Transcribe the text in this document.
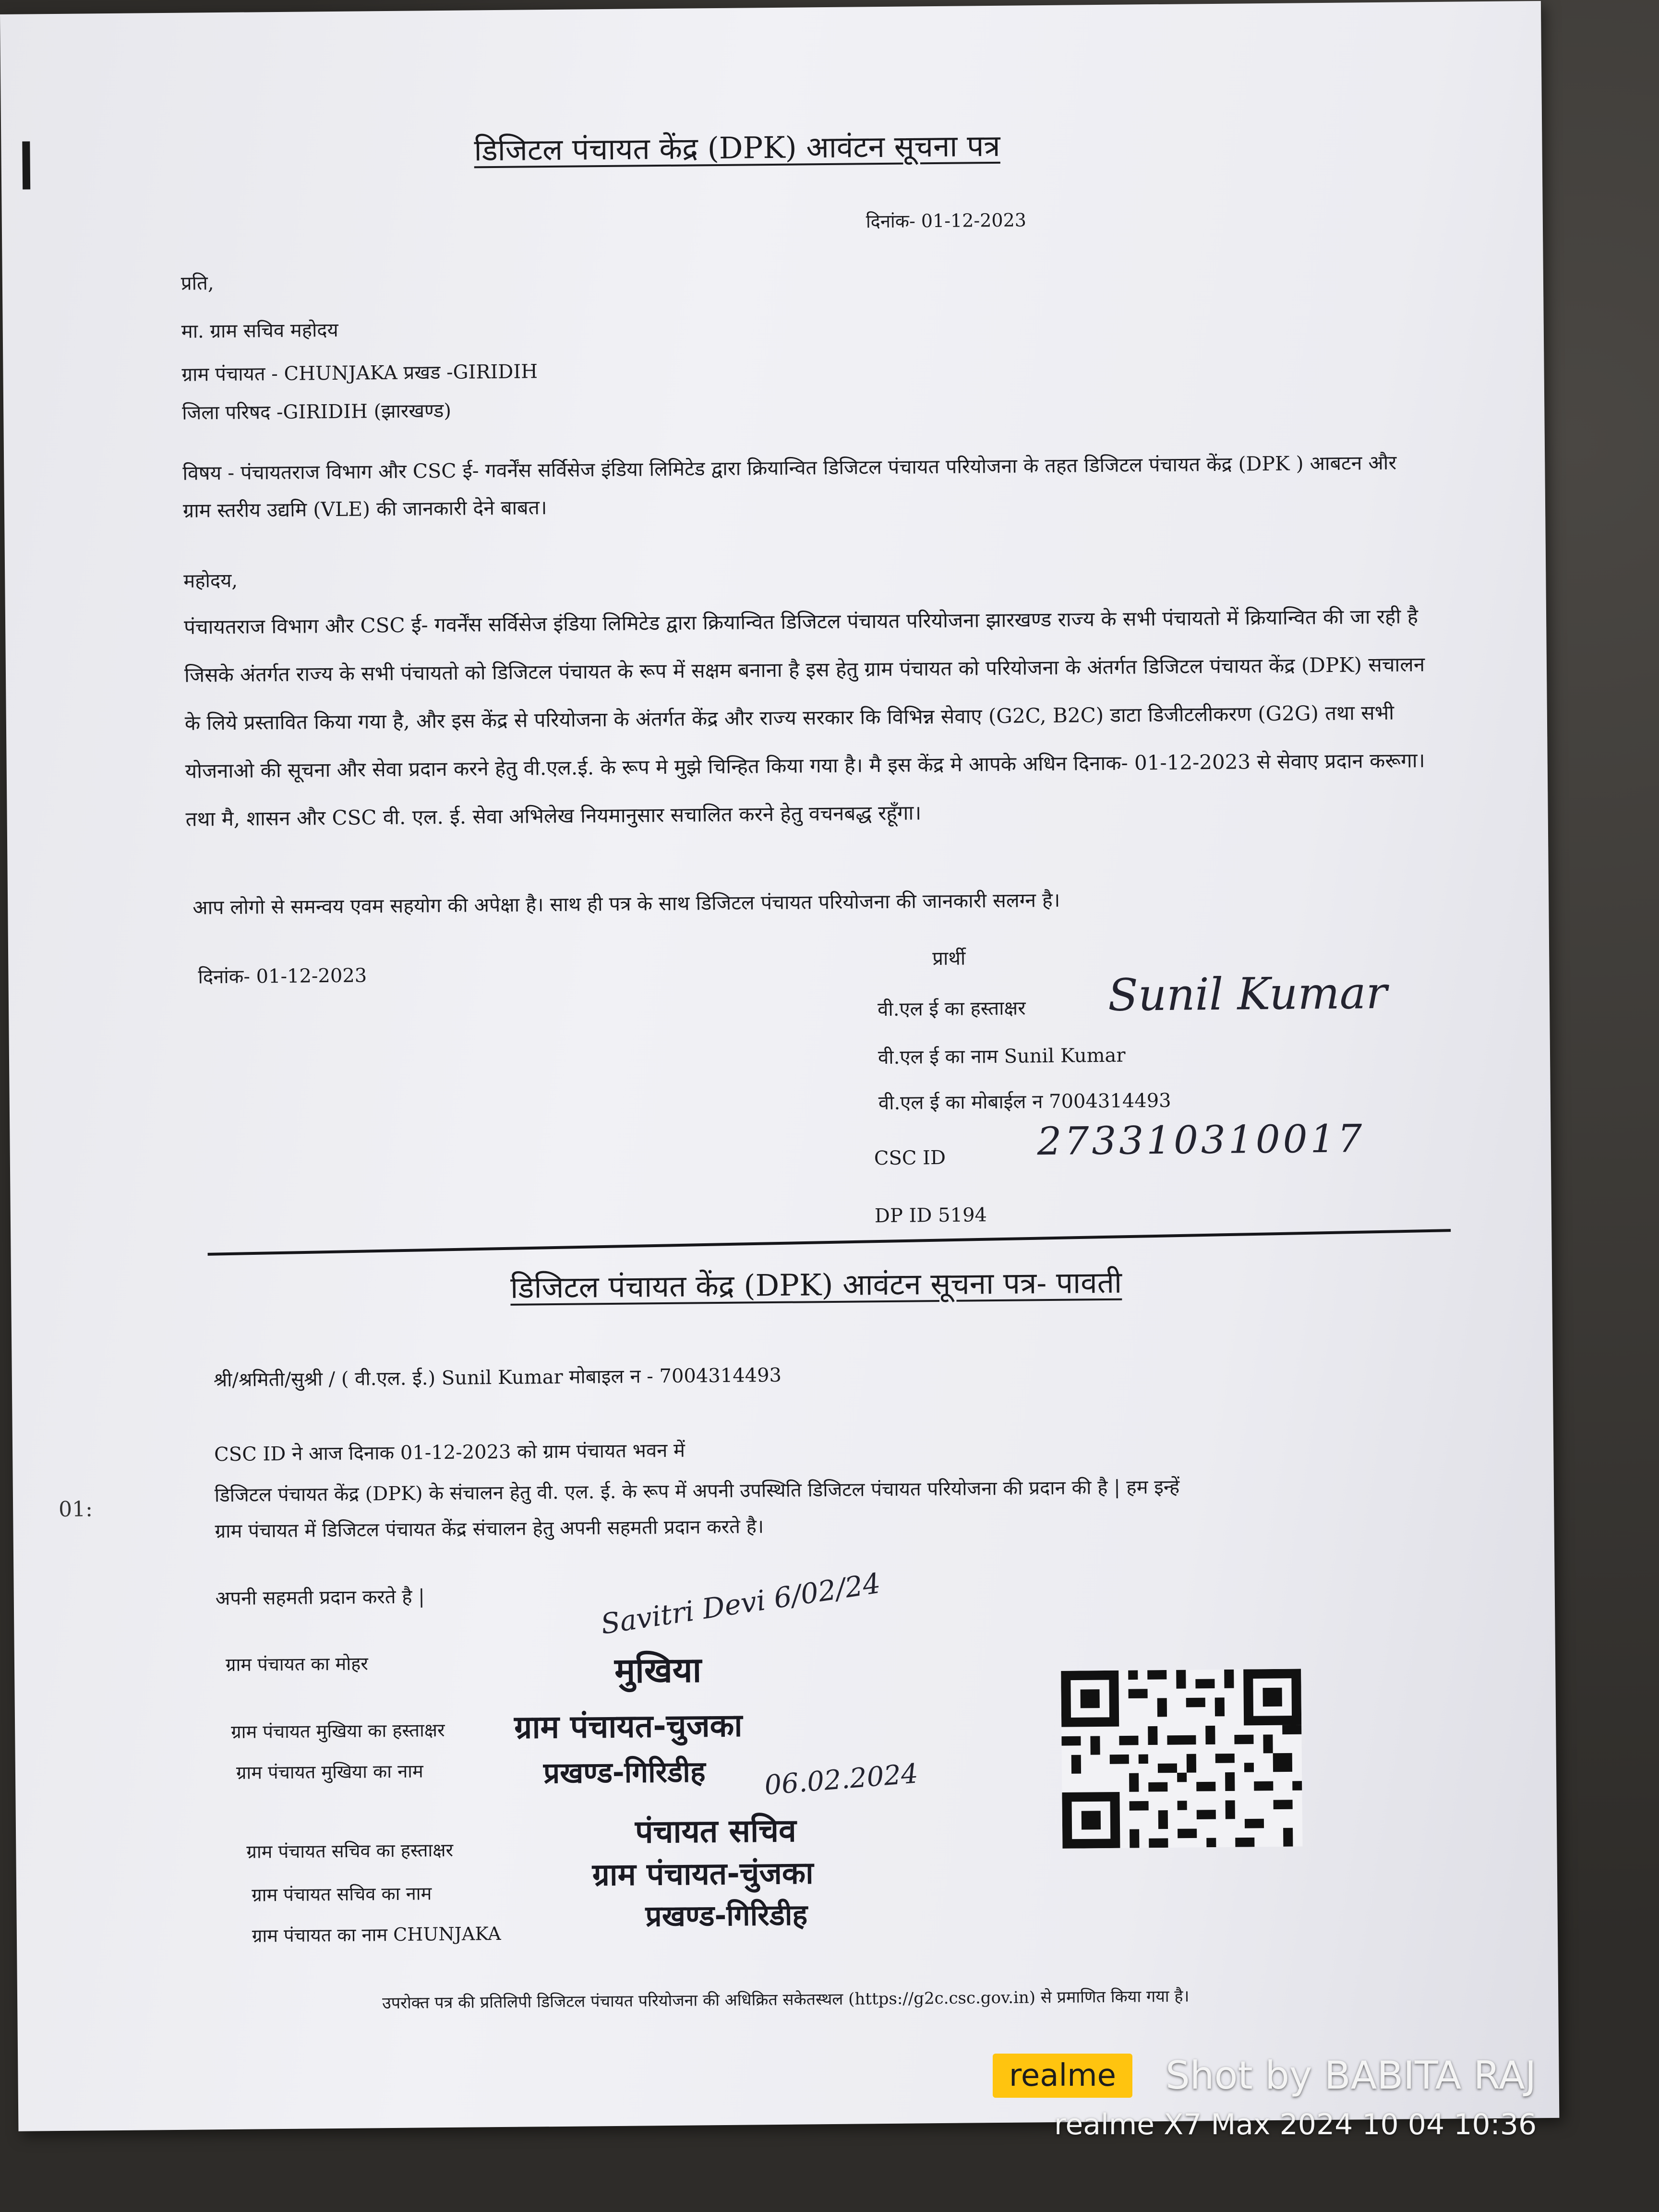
डिजिटल पंचायत केंद्र (DPK) आवंटन सूचना पत्र
दिनांक- 01-12-2023
प्रति,
मा. ग्राम सचिव महोदय
ग्राम पंचायत - CHUNJAKA प्रखड -GIRIDIH
जिला परिषद -GIRIDIH (झारखण्ड)
विषय - पंचायतराज विभाग और CSC ई- गवर्नेंस सर्विसेज इंडिया लिमिटेड द्वारा क्रियान्वित डिजिटल पंचायत परियोजना के तहत डिजिटल पंचायत केंद्र (DPK ) आबटन और ग्राम स्तरीय उद्यमि (VLE) की जानकारी देने बाबत।
महोदय,
पंचायतराज विभाग और CSC ई- गवर्नेंस सर्विसेज इंडिया लिमिटेड द्वारा क्रियान्वित डिजिटल पंचायत परियोजना झारखण्ड राज्य के सभी पंचायतो में क्रियान्वित की जा रही है जिसके अंतर्गत राज्य के सभी पंचायतो को डिजिटल पंचायत के रूप में सक्षम बनाना है इस हेतु ग्राम पंचायत को परियोजना के अंतर्गत डिजिटल पंचायत केंद्र (DPK) सचालन के लिये प्रस्तावित किया गया है, और इस केंद्र से परियोजना के अंतर्गत केंद्र और राज्य सरकार कि विभिन्न सेवाए (G2C, B2C) डाटा डिजीटलीकरण (G2G) तथा सभी योजनाओ की सूचना और सेवा प्रदान करने हेतु वी.एल.ई. के रूप मे मुझे चिन्हित किया गया है। मै इस केंद्र मे आपके अधिन दिनाक- 01-12-2023 से सेवाए प्रदान करूगा। तथा मै, शासन और CSC वी. एल. ई. सेवा अभिलेख नियमानुसार सचालित करने हेतु वचनबद्ध रहूँगा।
आप लोगो से समन्वय एवम सहयोग की अपेक्षा है। साथ ही पत्र के साथ डिजिटल पंचायत परियोजना की जानकारी सलग्न है।
दिनांक- 01-12-2023
प्रार्थी
वी.एल ई का हस्ताक्षर Sunil Kumar
वी.एल ई का नाम Sunil Kumar
वी.एल ई का मोबाईल न 7004314493
CSC ID 273310310017
DP ID 5194
डिजिटल पंचायत केंद्र (DPK) आवंटन सूचना पत्र- पावती
श्री/श्रमिती/सुश्री / ( वी.एल. ई.) Sunil Kumar मोबाइल न - 7004314493
CSC ID ने आज दिनाक 01-12-2023 को ग्राम पंचायत भवन में
डिजिटल पंचायत केंद्र (DPK) के संचालन हेतु वी. एल. ई. के रूप में अपनी उपस्थिति डिजिटल पंचायत परियोजना की प्रदान की है | हम इन्हें
ग्राम पंचायत में डिजिटल पंचायत केंद्र संचालन हेतु अपनी सहमती प्रदान करते है।
अपनी सहमती प्रदान करते है |
01:
ग्राम पंचायत का मोहर
ग्राम पंचायत मुखिया का हस्ताक्षर
ग्राम पंचायत मुखिया का नाम
ग्राम पंचायत सचिव का हस्ताक्षर
ग्राम पंचायत सचिव का नाम
ग्राम पंचायत का नाम CHUNJAKA
Savitri Devi 6/02/24
मुखिया
ग्राम पंचायत-चुजका
प्रखण्ड-गिरिडीह 06.02.2024
पंचायत सचिव
ग्राम पंचायत-चुंजका
प्रखण्ड-गिरिडीह
उपरोक्त पत्र की प्रतिलिपी डिजिटल पंचायत परियोजना की अधिक्रित सकेतस्थल (https://g2c.csc.gov.in) से प्रमाणित किया गया है।
realme	Shot by BABITA RAJ
realme X7 Max 2024 10 04 10:36
